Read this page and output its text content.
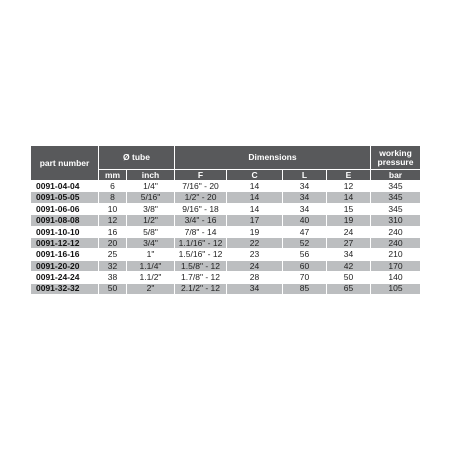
part number	Ø tube		Dimensions				working
pressure

	mm	inch	F	C	L	E	bar
0091-04-04	6	1/4"	7/16" - 20	14	34	12	345
0091-05-05	8	5/16"	1/2" - 20	14	34	14	345
0091-06-06	10	3/8"	9/16" - 18	14	34	15	345
0091-08-08	12	1/2"	3/4" - 16	17	40	19	310
0091-10-10	16	5/8"	7/8" - 14	19	47	24	240
0091-12-12	20	3/4"	1.1/16" - 12	22	52	27	240
0091-16-16	25	1"	1.5/16" - 12	23	56	34	210
0091-20-20	32	1.1/4"	1.5/8" - 12	24	60	42	170
0091-24-24	38	1.1/2"	1.7/8" - 12	28	70	50	140
0091-32-32	50	2"	2.1/2" - 12	34	85	65	105
